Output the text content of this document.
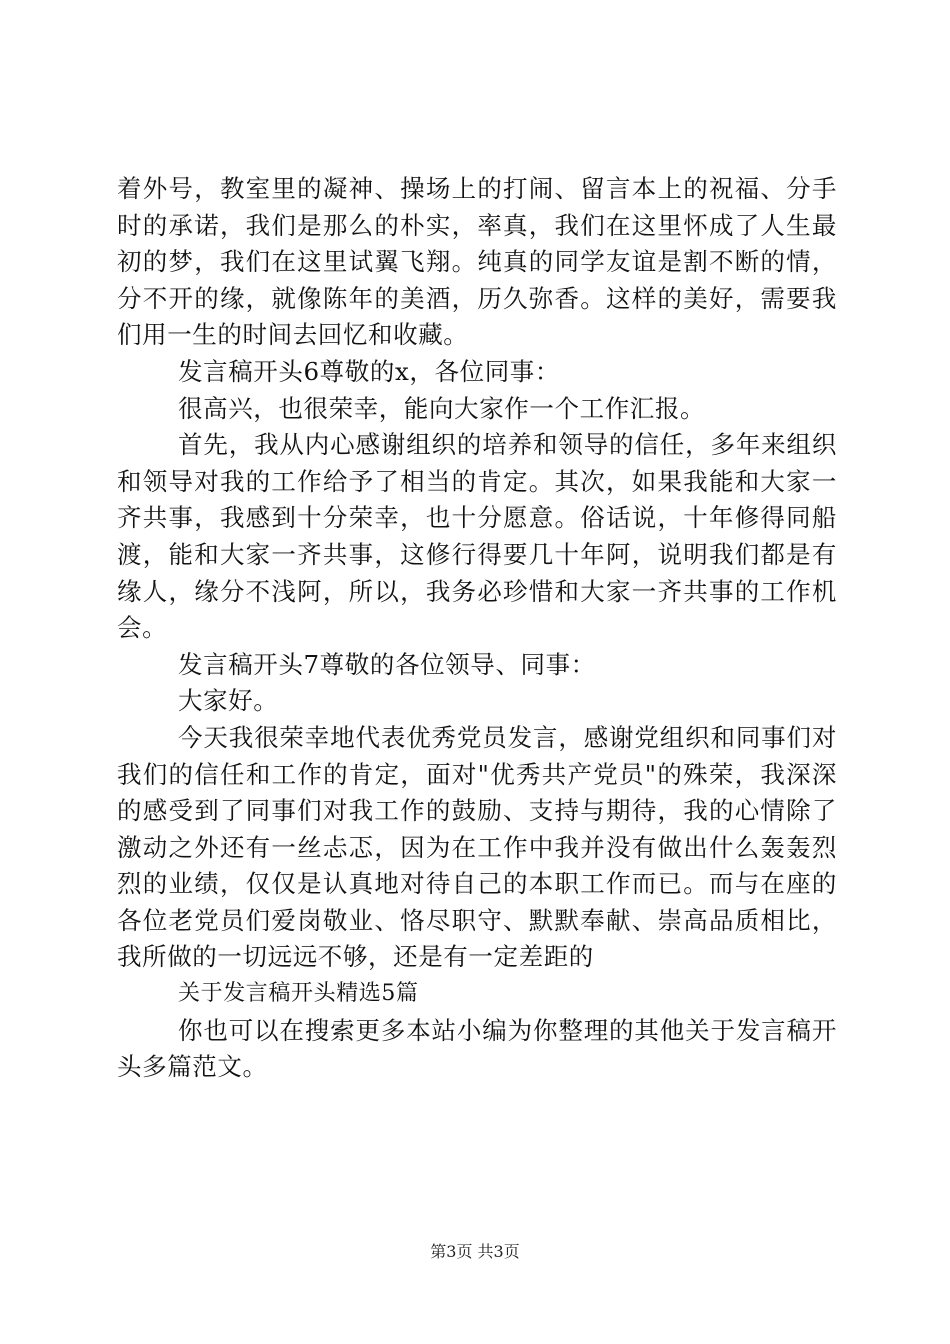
着外号，教室里的凝神、操场上的打闹、留言本上的祝福、分手时的承诺，我们是那么的朴实，率真，我们在这里怀成了人生最初的梦，我们在这里试翼飞翔。纯真的同学友谊是割不断的情，分不开的缘，就像陈年的美酒，历久弥香。这样的美好，需要我们用一生的时间去回忆和收藏。

发言稿开头6尊敬的x，各位同事：

很高兴，也很荣幸，能向大家作一个工作汇报。

首先，我从内心感谢组织的培养和领导的信任，多年来组织和领导对我的工作给予了相当的肯定。其次，如果我能和大家一齐共事，我感到十分荣幸，也十分愿意。俗话说，十年修得同船渡，能和大家一齐共事，这修行得要几十年阿，说明我们都是有缘人，缘分不浅阿，所以，我务必珍惜和大家一齐共事的工作机会。

发言稿开头7尊敬的各位领导、同事：

大家好。

今天我很荣幸地代表优秀党员发言，感谢党组织和同事们对我们的信任和工作的肯定，面对"优秀共产党员"的殊荣，我深深的感受到了同事们对我工作的鼓励、支持与期待，我的心情除了激动之外还有一丝忐忑，因为在工作中我并没有做出什么轰轰烈烈的业绩，仅仅是认真地对待自己的本职工作而已。而与在座的各位老党员们爱岗敬业、恪尽职守、默默奉献、崇高品质相比，我所做的一切远远不够，还是有一定差距的

关于发言稿开头精选5篇

你也可以在搜索更多本站小编为你整理的其他关于发言稿开头多篇范文。

第3页 共3页
